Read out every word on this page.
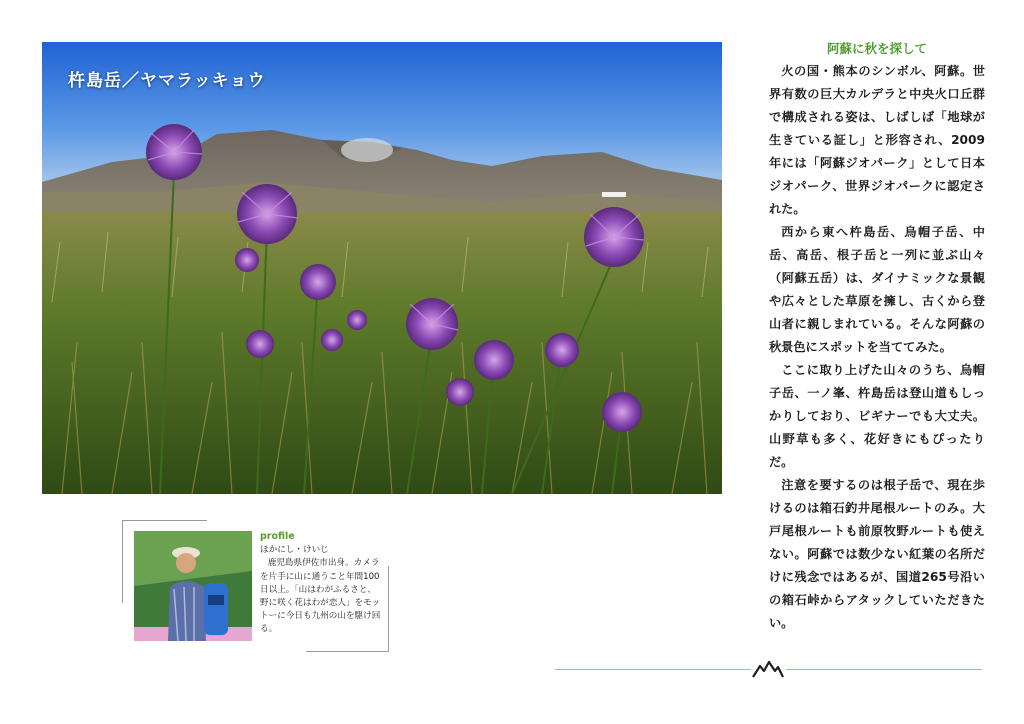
杵島岳／ヤマラッキョウ
profile
ほかにし・けいじ
鹿児島県伊佐市出身。カメラを片手に山に通うこと年間100日以上。「山はわがふるさと、野に咲く花はわが恋人」をモットーに今日も九州の山を駆け回る。
阿蘇に秋を探して

火の国・熊本のシンボル、阿蘇。世界有数の巨大カルデラと中央火口丘群で構成される姿は、しばしば「地球が生きている証し」と形容され、2009年には「阿蘇ジオパーク」として日本ジオパーク、世界ジオパークに認定された。

西から東へ杵島岳、烏帽子岳、中岳、高岳、根子岳と一列に並ぶ山々（阿蘇五岳）は、ダイナミックな景観や広々とした草原を擁し、古くから登山者に親しまれている。そんな阿蘇の秋景色にスポットを当ててみた。

ここに取り上げた山々のうち、烏帽子岳、一ノ峯、杵島岳は登山道もしっかりしており、ビギナーでも大丈夫。山野草も多く、花好きにもぴったりだ。

注意を要するのは根子岳で、現在歩けるのは箱石釣井尾根ルートのみ。大戸尾根ルートも前原牧野ルートも使えない。阿蘇では数少ない紅葉の名所だけに残念ではあるが、国道265号沿いの箱石峠からアタックしていただきたい。
